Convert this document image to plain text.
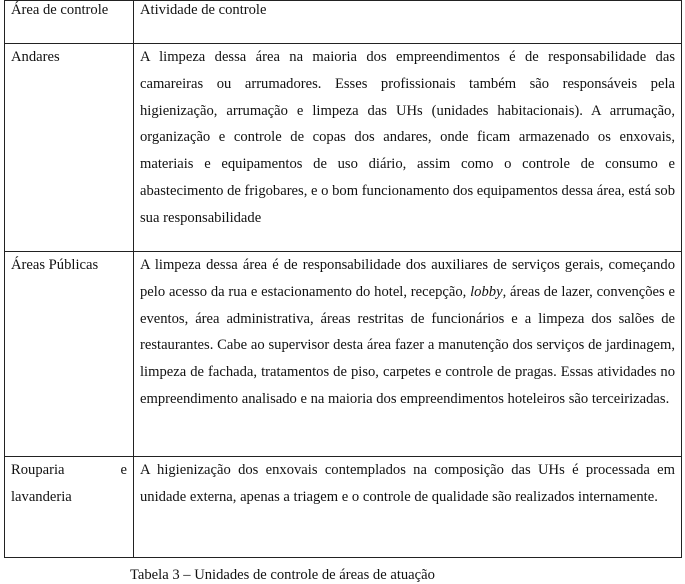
Área de controle	Atividade de controle

Andares	A limpeza dessa área na maioria dos empreendimentos é de responsabilidade das camareiras ou arrumadores. Esses profissionais também são responsáveis pela higienização, arrumação e limpeza das UHs (unidades habitacionais). A arrumação, organização e controle de copas dos andares, onde ficam armazenado os enxovais, materiais e equipamentos de uso diário, assim como o controle de consumo e abastecimento de frigobares, e o bom funcionamento dos equipamentos dessa área, está sob sua responsabilidade

Áreas Públicas	A limpeza dessa área é de responsabilidade dos auxiliares de serviços gerais, começando pelo acesso da rua e estacionamento do hotel, recepção, lobby, áreas de lazer, convenções e eventos, área administrativa, áreas restritas de funcionários e a limpeza dos salões de restaurantes. Cabe ao supervisor desta área fazer a manutenção dos serviços de jardinagem, limpeza de fachada, tratamentos de piso, carpetes e controle de pragas. Essas atividades no empreendimento analisado e na maioria dos empreendimentos hoteleiros são terceirizadas.

Rouparia e
lavanderia	A higienização dos enxovais contemplados na composição das UHs é processada em unidade externa, apenas a triagem e o controle de qualidade são realizados internamente.
Tabela 3 – Unidades de controle de áreas de atuação
